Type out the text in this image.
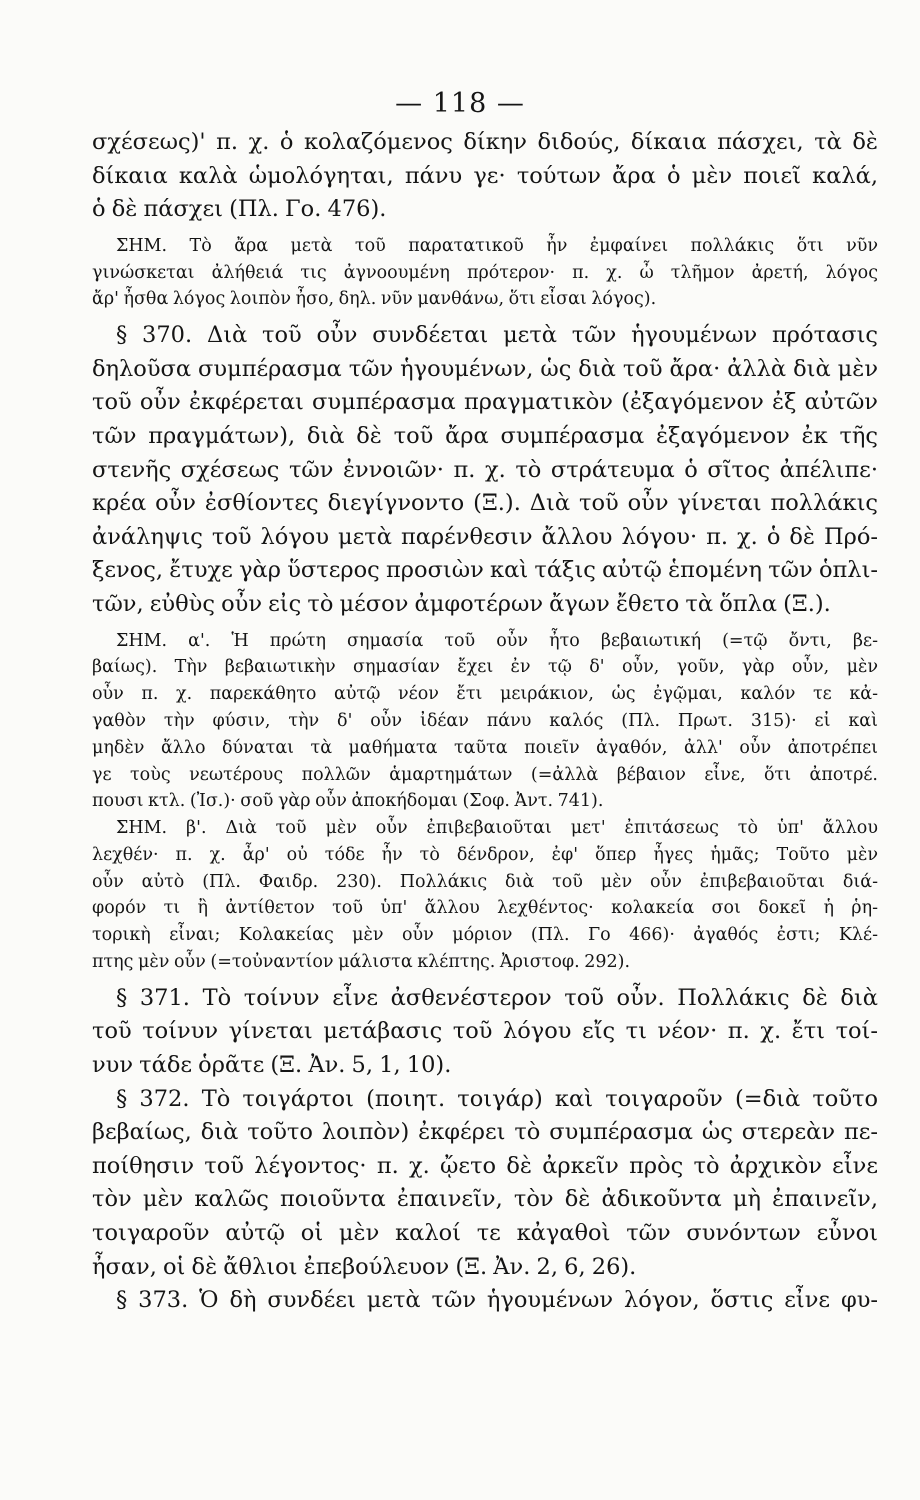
— 118 —
σχέσεως)' π. χ. ὁ κολαζόμενος δίκην διδούς, δίκαια πάσχει, τὰ δὲ
δίκαια καλὰ ὡμολόγηται, πάνυ γε· τούτων ἄρα ὁ μὲν ποιεῖ καλά,
ὁ δὲ πάσχει (Πλ. Γο. 476).
ΣΗΜ. Τὸ ἄρα μετὰ τοῦ παρατατικοῦ ἦν ἐμφαίνει πολλάκις ὅτι νῦν
γινώσκεται ἀλήθειά τις ἀγνοουμένη πρότερον· π. χ. ὦ τλῆμον ἀρετή, λόγος
ἄρ' ἦσθα λόγος λοιπὸν ἦσο, δηλ. νῦν μανθάνω, ὅτι εἶσαι λόγος).
§ 370. Διὰ τοῦ οὖν συνδέεται μετὰ τῶν ἡγουμένων πρότασις
δηλοῦσα συμπέρασμα τῶν ἡγουμένων, ὡς διὰ τοῦ ἄρα· ἀλλὰ διὰ μὲν
τοῦ οὖν ἐκφέρεται συμπέρασμα πραγματικὸν (ἐξαγόμενον ἐξ αὐτῶν
τῶν πραγμάτων), διὰ δὲ τοῦ ἄρα συμπέρασμα ἐξαγόμενον ἐκ τῆς
στενῆς σχέσεως τῶν ἐννοιῶν· π. χ. τὸ στράτευμα ὁ σῖτος ἀπέλιπε·
κρέα οὖν ἐσθίοντες διεγίγνοντο (Ξ.). Διὰ τοῦ οὖν γίνεται πολλάκις
ἀνάληψις τοῦ λόγου μετὰ παρένθεσιν ἄλλου λόγου· π. χ. ὁ δὲ Πρό-
ξενος, ἔτυχε γὰρ ὕστερος προσιὼν καὶ τάξις αὐτῷ ἑπομένη τῶν ὁπλι-
τῶν, εὐθὺς οὖν εἰς τὸ μέσον ἀμφοτέρων ἄγων ἔθετο τὰ ὅπλα (Ξ.).
ΣΗΜ. α'. Ἡ πρώτη σημασία τοῦ οὖν ἦτο βεβαιωτική (=τῷ ὄντι, βε-
βαίως). Τὴν βεβαιωτικὴν σημασίαν ἔχει ἐν τῷ δ' οὖν, γοῦν, γὰρ οὖν, μὲν
οὖν π. χ. παρεκάθητο αὐτῷ νέον ἔτι μειράκιον, ὡς ἐγῷμαι, καλόν τε κἀ-
γαθὸν τὴν φύσιν, τὴν δ' οὖν ἰδέαν πάνυ καλός (Πλ. Πρωτ. 315)· εἰ καὶ
μηδὲν ἄλλο δύναται τὰ μαθήματα ταῦτα ποιεῖν ἀγαθόν, ἀλλ' οὖν ἀποτρέπει
γε τοὺς νεωτέρους πολλῶν ἁμαρτημάτων (=ἀλλὰ βέβαιον εἶνε, ὅτι ἀποτρέ.
πουσι κτλ. (Ἰσ.)· σοῦ γὰρ οὖν ἀποκήδομαι (Σοφ. Ἀντ. 741).
ΣΗΜ. β'. Διὰ τοῦ μὲν οὖν ἐπιβεβαιοῦται μετ' ἐπιτάσεως τὸ ὑπ' ἄλλου
λεχθέν· π. χ. ἆρ' οὐ τόδε ἦν τὸ δένδρον, ἐφ' ὅπερ ἦγες ἡμᾶς; Τοῦτο μὲν
οὖν αὐτὸ (Πλ. Φαιδρ. 230). Πολλάκις διὰ τοῦ μὲν οὖν ἐπιβεβαιοῦται διά-
φορόν τι ἢ ἀντίθετον τοῦ ὑπ' ἄλλου λεχθέντος· κολακεία σοι δοκεῖ ἡ ῥη-
τορικὴ εἶναι; Κολακείας μὲν οὖν μόριον (Πλ. Γο 466)· ἀγαθός ἐστι; Κλέ-
πτης μὲν οὖν (=τοὐναντίον μάλιστα κλέπτης. Ἀριστοφ. 292).
§ 371. Τὸ τοίνυν εἶνε ἀσθενέστερον τοῦ οὖν. Πολλάκις δὲ διὰ
τοῦ τοίνυν γίνεται μετάβασις τοῦ λόγου εἴς τι νέον· π. χ. ἔτι τοί-
νυν τάδε ὁρᾶτε (Ξ. Ἀν. 5, 1, 10).
§ 372. Τὸ τοιγάρτοι (ποιητ. τοιγάρ) καὶ τοιγαροῦν (=διὰ τοῦτο
βεβαίως, διὰ τοῦτο λοιπὸν) ἐκφέρει τὸ συμπέρασμα ὡς στερεὰν πε-
ποίθησιν τοῦ λέγοντος· π. χ. ᾤετο δὲ ἀρκεῖν πρὸς τὸ ἀρχικὸν εἶνε
τὸν μὲν καλῶς ποιοῦντα ἐπαινεῖν, τὸν δὲ ἀδικοῦντα μὴ ἐπαινεῖν,
τοιγαροῦν αὐτῷ οἱ μὲν καλοί τε κἀγαθοὶ τῶν συνόντων εὖνοι
ἦσαν, οἱ δὲ ἄθλιοι ἐπεβούλευον (Ξ. Ἀν. 2, 6, 26).
§ 373. Ὁ δὴ συνδέει μετὰ τῶν ἡγουμένων λόγον, ὅστις εἶνε φυ-
